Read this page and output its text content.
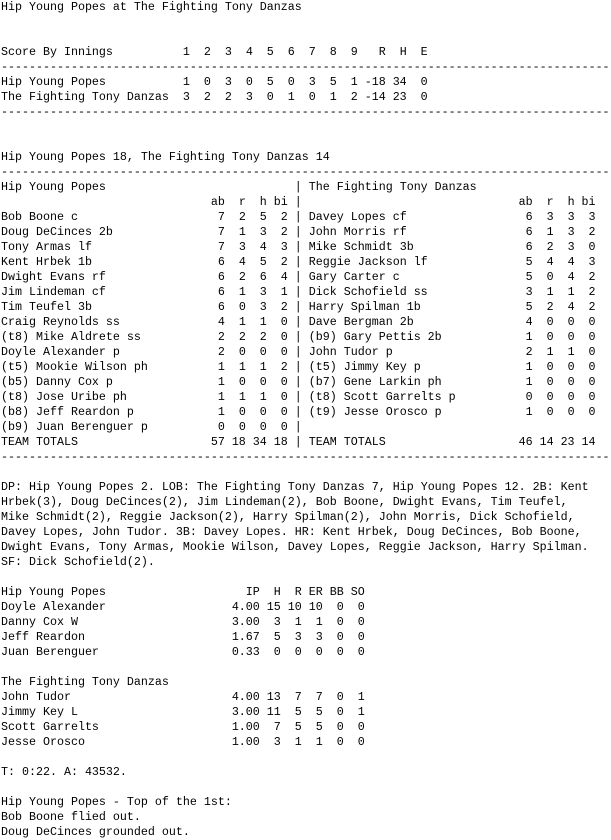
Hip Young Popes at The Fighting Tony Danzas
Score By Innings	1 2 3 4 5 6 7 8 9 R H E
---------------------------------------------------------------------------------------
Hip Young Popes	1 0 3 0 5 0 3 5 1 -18 34 0
The Fighting Tony Danzas 3 2 2 3 0 1 0 1 2 -14 23 0
---------------------------------------------------------------------------------------
Hip Young Popes 18, The Fighting Tony Danzas 14
---------------------------------------------------------------------------------------
Hip Young Popes	| The Fighting Tony Danzas
ab r h bi |	ab r h bi
Bob Boone c	7 2 5 2 | Davey Lopes cf	6 3 3 3
Doug DeCinces 2b	7 1 3 2 | John Morris rf	6 1 3 2
Tony Armas lf	7 3 4 3 | Mike Schmidt 3b	6 2 3 0
Kent Hrbek 1b	6 4 5 2 | Reggie Jackson lf	5 4 4 3
Dwight Evans rf	6 2 6 4 | Gary Carter c	5 0 4 2
Jim Lindeman cf	6 1 3 1 | Dick Schofield ss	3 1 1 2
Tim Teufel 3b	6 0 3 2 | Harry Spilman 1b	5 2 4 2
Craig Reynolds ss	4 1 1 0 | Dave Bergman 2b	4 0 0 0
(t8) Mike Aldrete ss	2 2 2 0 | (b9) Gary Pettis 2b	1 0 0 0
Doyle Alexander p	2 0 0 0 | John Tudor p	2 1 1 0
(t5) Mookie Wilson ph	1 1 1 2 | (t5) Jimmy Key p	1 0 0 0
(b5) Danny Cox p	1 0 0 0 | (b7) Gene Larkin ph	1 0 0 0
(t8) Jose Uribe ph	1 1 1 0 | (t8) Scott Garrelts p	0 0 0 0
(b8) Jeff Reardon p	1 0 0 0 | (t9) Jesse Orosco p	1 0 0 0
(b9) Juan Berenguer p	0 0 0 0 |
TEAM TOTALS	57 18 34 18 | TEAM TOTALS	46 14 23 14
---------------------------------------------------------------------------------------
DP: Hip Young Popes 2. LOB: The Fighting Tony Danzas 7, Hip Young Popes 12. 2B: Kent
Hrbek(3), Doug DeCinces(2), Jim Lindeman(2), Bob Boone, Dwight Evans, Tim Teufel,
Mike Schmidt(2), Reggie Jackson(2), Harry Spilman(2), John Morris, Dick Schofield,
Davey Lopes, John Tudor. 3B: Davey Lopes. HR: Kent Hrbek, Doug DeCinces, Bob Boone,
Dwight Evans, Tony Armas, Mookie Wilson, Davey Lopes, Reggie Jackson, Harry Spilman.
SF: Dick Schofield(2).
Hip Young Popes	IP H R ER BB SO
Doyle Alexander	4.00 15 10 10 0 0
Danny Cox W	3.00 3 1 1 0 0
Jeff Reardon	1.67 5 3 3 0 0
Juan Berenguer	0.33 0 0 0 0 0
The Fighting Tony Danzas
John Tudor	4.00 13 7 7 0 1
Jimmy Key L	3.00 11 5 5 0 1
Scott Garrelts	1.00 7 5 5 0 0
Jesse Orosco	1.00 3 1 1 0 0
T: 0:22. A: 43532.
Hip Young Popes - Top of the 1st:
Bob Boone flied out.
Doug DeCinces grounded out.
